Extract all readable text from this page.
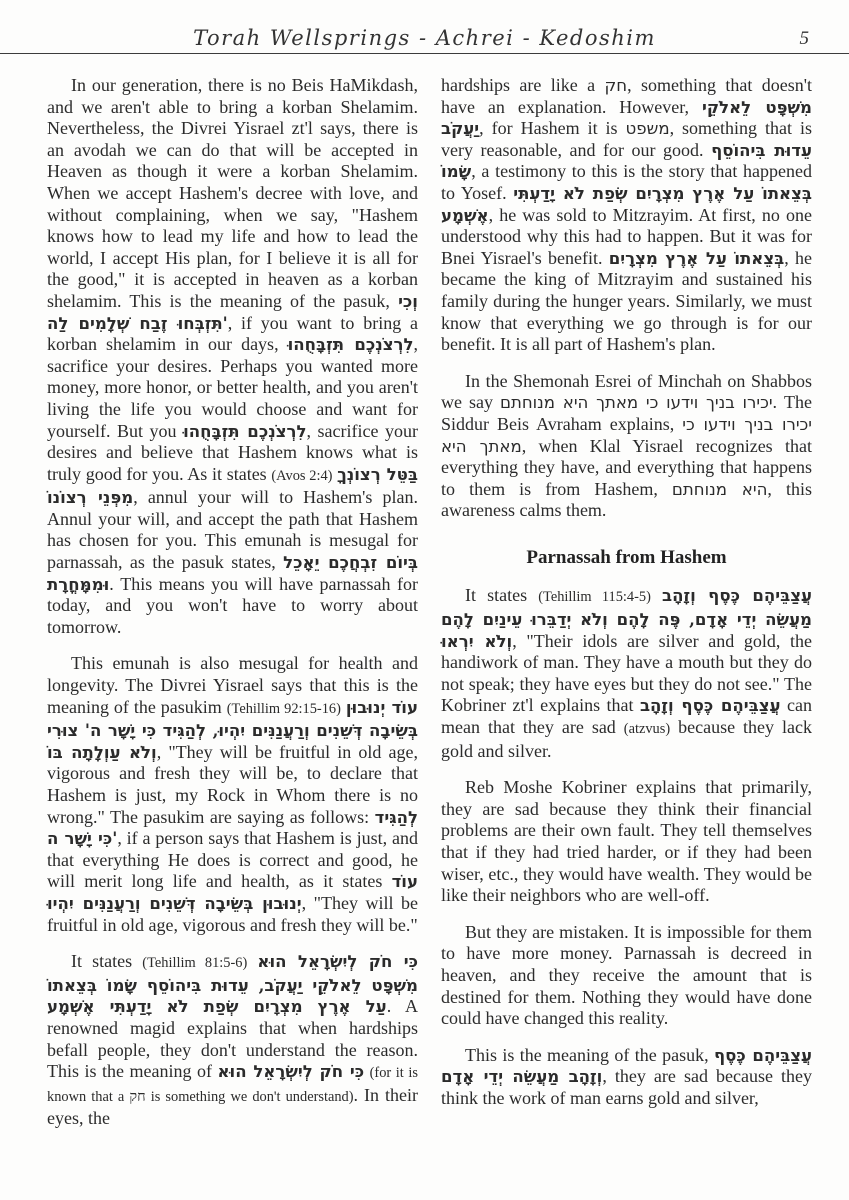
Torah Wellsprings - Achrei - Kedoshim	5

In our generation, there is no Beis HaMikdash, and we aren't able to bring a korban Shelamim. Nevertheless, the Divrei Yisrael zt'l says, there is an avodah we can do that will be accepted in Heaven as though it were a korban Shelamim. When we accept Hashem's decree with love, and without complaining, when we say, "Hashem knows how to lead my life and how to lead the world, I accept His plan, for I believe it is all for the good," it is accepted in heaven as a korban shelamim. This is the meaning of the pasuk, וְכִי תִּזְבְּחוּ זֶבַח שְׁלָמִים לַה', if you want to bring a korban shelamim in our days, לִרְצֹנְכֶם תִּזְבָּחֻהוּ, sacrifice your desires. Perhaps you wanted more money, more honor, or better health, and you aren't living the life you would choose and want for yourself. But you לִרְצֹנְכֶם תִּזְבָּחֻהוּ, sacrifice your desires and believe that Hashem knows what is truly good for you. As it states (Avos 2:4) בַּטֵּל רְצוֹנְךָ מִפְּנֵי רְצוֹנוֹ, annul your will to Hashem's plan. Annul your will, and accept the path that Hashem has chosen for you. This emunah is mesugal for parnassah, as the pasuk states, בְּיוֹם זִבְחֲכֶם יֵאָכֵל וּמִמָּחֳרָת. This means you will have parnassah for today, and you won't have to worry about tomorrow.

This emunah is also mesugal for health and longevity. The Divrei Yisrael says that this is the meaning of the pasukim (Tehillim 92:15-16) עוֹד יְנוּבוּן בְּשֵׂיבָה דְּשֵׁנִים וְרַעֲנַנִּים יִהְיוּ, לְהַגִּיד כִּי יָשָׁר ה' צוּרִי וְלֹא עַוְלָתָה בּוֹ, "They will be fruitful in old age, vigorous and fresh they will be, to declare that Hashem is just, my Rock in Whom there is no wrong." The pasukim are saying as follows: לְהַגִּיד כִּי יָשָׁר ה', if a person says that Hashem is just, and that everything He does is correct and good, he will merit long life and health, as it states עוֹד יְנוּבוּן בְּשֵׂיבָה דְּשֵׁנִים וְרַעֲנַנִּים יִהְיוּ, "They will be fruitful in old age, vigorous and fresh they will be."

It states (Tehillim 81:5-6) כִּי חֹק לְיִשְׂרָאֵל הוּא מִשְׁפָּט לֵאלֹקֵי יַעֲקֹב, עֵדוּת בִּיהוֹסֵף שָׂמוֹ בְּצֵאתוֹ עַל אֶרֶץ מִצְרָיִם שְׂפַת לֹא יָדַעְתִּי אֶשְׁמָע. A renowned magid explains that when hardships befall people, they don't understand the reason. This is the meaning of כִּי חֹק לְיִשְׂרָאֵל הוּא (for it is known that a חק is something we don't understand). In their eyes, the

hardships are like a חק, something that doesn't have an explanation. However, מִשְׁפָּט לֵאלֹקֵי יַעֲקֹב, for Hashem it is משפט, something that is very reasonable, and for our good. עֵדוּת בִּיהוֹסֵף שָׂמוֹ, a testimony to this is the story that happened to Yosef. בְּצֵאתוֹ עַל אֶרֶץ מִצְרָיִם שְׂפַת לֹא יָדַעְתִּי אֶשְׁמָע, he was sold to Mitzrayim. At first, no one understood why this had to happen. But it was for Bnei Yisrael's benefit. בְּצֵאתוֹ עַל אֶרֶץ מִצְרָיִם, he became the king of Mitzrayim and sustained his family during the hunger years. Similarly, we must know that everything we go through is for our benefit. It is all part of Hashem's plan.

In the Shemonah Esrei of Minchah on Shabbos we say יכירו בניך וידעו כי מאתך היא מנוחתם. The Siddur Beis Avraham explains, יכירו בניך וידעו כי מאתך היא, when Klal Yisrael recognizes that everything they have, and everything that happens to them is from Hashem, היא מנוחתם, this awareness calms them.

Parnassah from Hashem

It states (Tehillim 115:4-5) עֲצַבֵּיהֶם כֶּסֶף וְזָהָב מַעֲשֵׂה יְדֵי אָדָם, פֶּה לָהֶם וְלֹא יְדַבֵּרוּ עֵינַיִם לָהֶם וְלֹא יִרְאוּ, "Their idols are silver and gold, the handiwork of man. They have a mouth but they do not speak; they have eyes but they do not see." The Kobriner zt'l explains that עֲצַבֵּיהֶם כֶּסֶף וְזָהָב can mean that they are sad (atzvus) because they lack gold and silver.

Reb Moshe Kobriner explains that primarily, they are sad because they think their financial problems are their own fault. They tell themselves that if they had tried harder, or if they had been wiser, etc., they would have wealth. They would be like their neighbors who are well-off.

But they are mistaken. It is impossible for them to have more money. Parnassah is decreed in heaven, and they receive the amount that is destined for them. Nothing they would have done could have changed this reality.

This is the meaning of the pasuk, עֲצַבֵּיהֶם כֶּסֶף וְזָהָב מַעֲשֵׂה יְדֵי אָדָם, they are sad because they think the work of man earns gold and silver,
